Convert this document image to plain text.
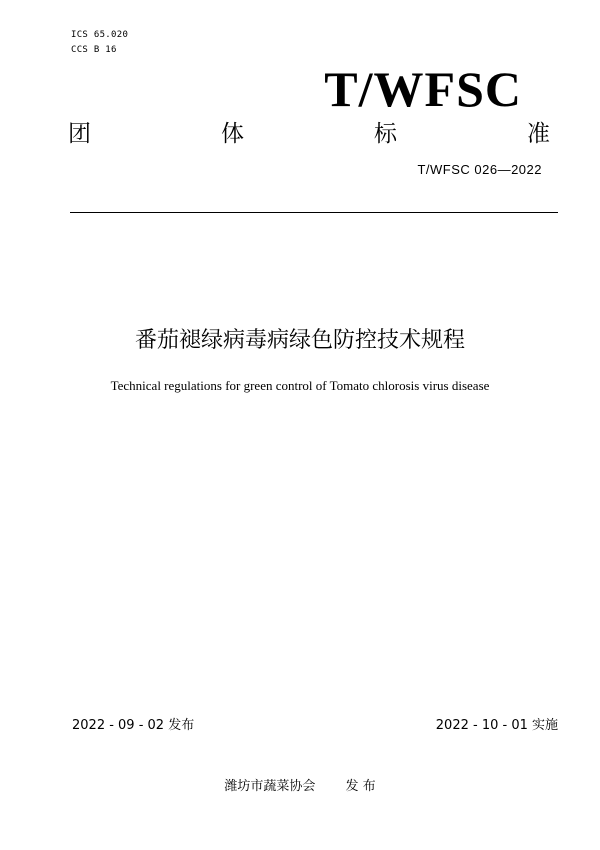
ICS 65.020
CCS B 16
T/WFSC
团	体	标	准
T/WFSC 026—2022
番茄褪绿病毒病绿色防控技术规程
Technical regulations for green control of Tomato chlorosis virus disease
2022 - 09 - 02 发布	2022 - 10 - 01 实施
潍坊市蔬菜协会 发 布
